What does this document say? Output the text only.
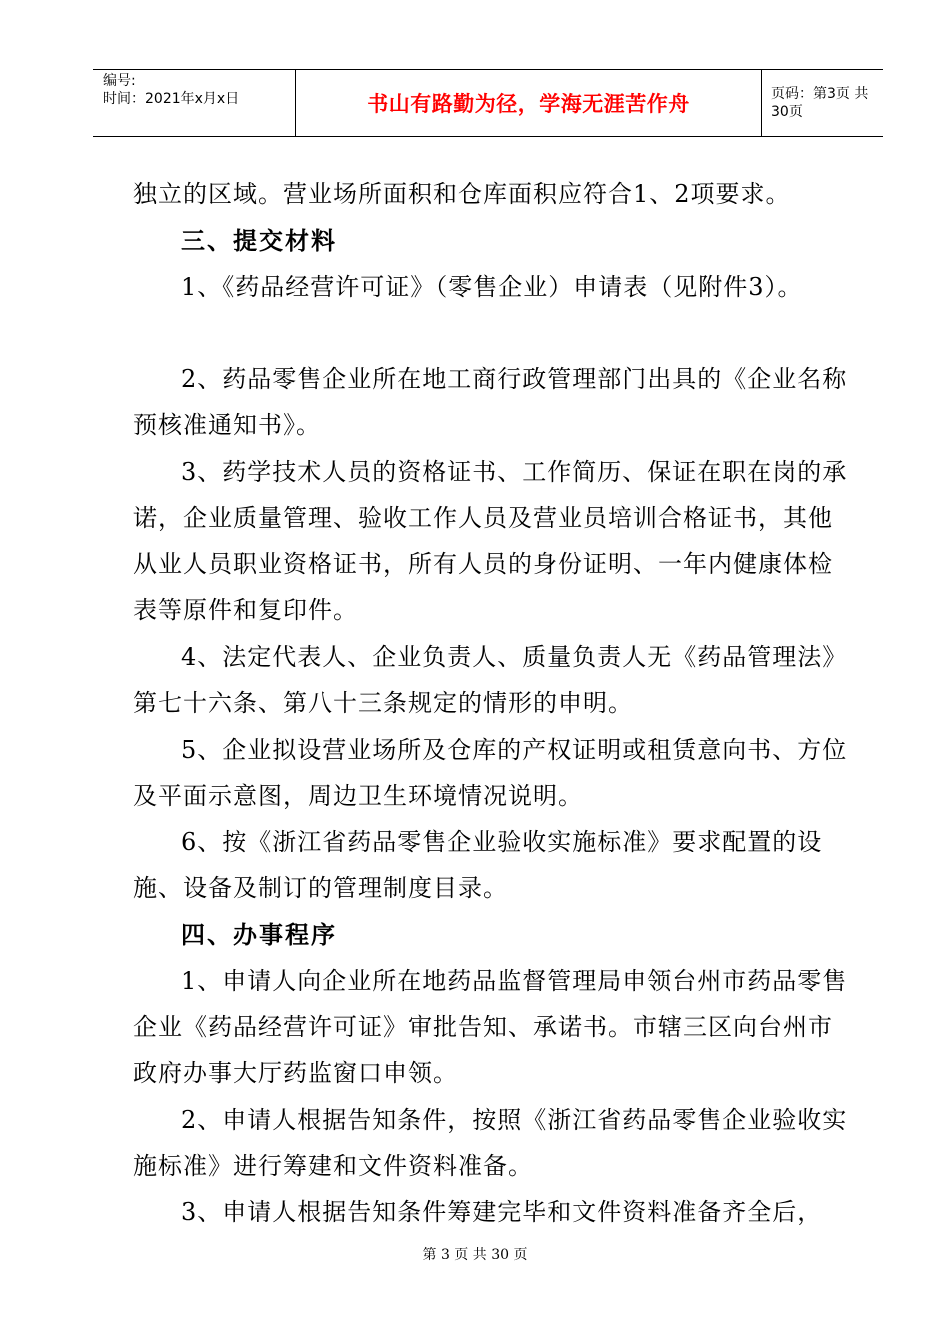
编号:
时间：2021年x月x日	书山有路勤为径，学海无涯苦作舟	页码：第3页 共30页

独立的区域。营业场所面积和仓库面积应符合1、2项要求。

三、提交材料

1、《药品经营许可证》（零售企业）申请表（见附件3）。

2、药品零售企业所在地工商行政管理部门出具的《企业名称预核准通知书》。

3、药学技术人员的资格证书、工作简历、保证在职在岗的承诺，企业质量管理、验收工作人员及营业员培训合格证书，其他从业人员职业资格证书，所有人员的身份证明、一年内健康体检表等原件和复印件。

4、法定代表人、企业负责人、质量负责人无《药品管理法》第七十六条、第八十三条规定的情形的申明。

5、企业拟设营业场所及仓库的产权证明或租赁意向书、方位及平面示意图，周边卫生环境情况说明。

6、按《浙江省药品零售企业验收实施标准》要求配置的设施、设备及制订的管理制度目录。

四、办事程序

1、申请人向企业所在地药品监督管理局申领台州市药品零售企业《药品经营许可证》审批告知、承诺书。市辖三区向台州市政府办事大厅药监窗口申领。

2、申请人根据告知条件，按照《浙江省药品零售企业验收实施标准》进行筹建和文件资料准备。

3、申请人根据告知条件筹建完毕和文件资料准备齐全后，

第 3 页 共 30 页
